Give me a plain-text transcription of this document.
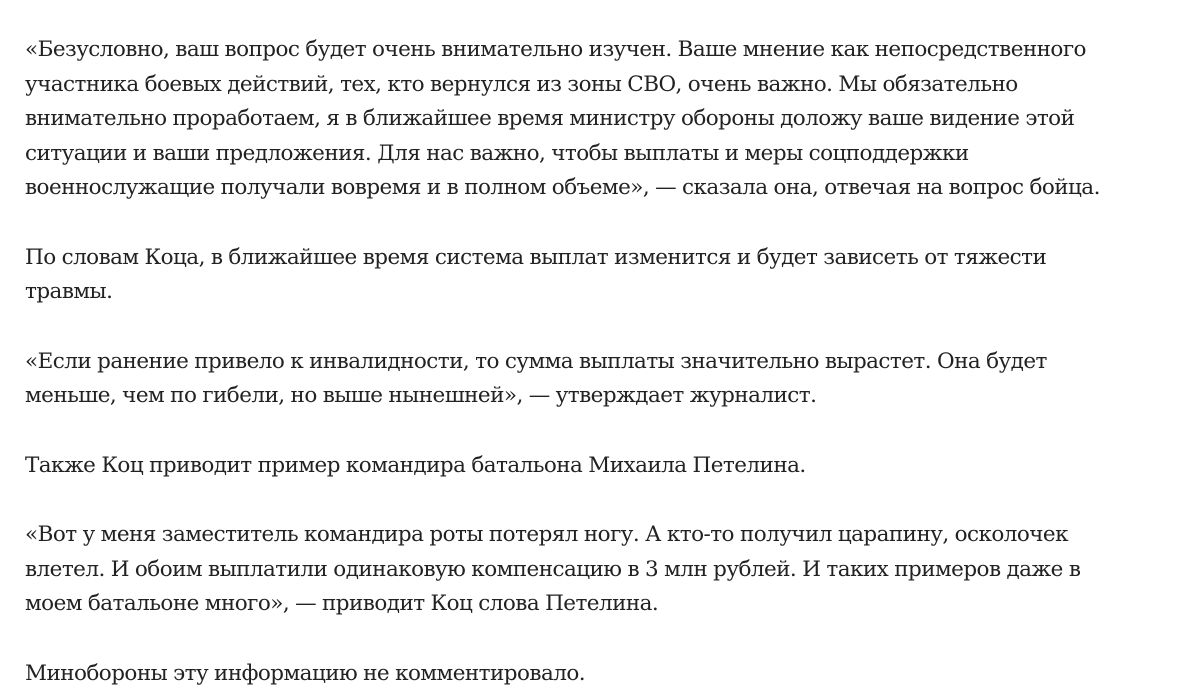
«Безусловно, ваш вопрос будет очень внимательно изучен. Ваше мнение как непосредственного
участника боевых действий, тех, кто вернулся из зоны СВО, очень важно. Мы обязательно
внимательно проработаем, я в ближайшее время министру обороны доложу ваше видение этой
ситуации и ваши предложения. Для нас важно, чтобы выплаты и меры соцподдержки
военнослужащие получали вовремя и в полном объеме», — сказала она, отвечая на вопрос бойца.

По словам Коца, в ближайшее время система выплат изменится и будет зависеть от тяжести
травмы.

«Если ранение привело к инвалидности, то сумма выплаты значительно вырастет. Она будет
меньше, чем по гибели, но выше нынешней», — утверждает журналист.

Также Коц приводит пример командира батальона Михаила Петелина.

«Вот у меня заместитель командира роты потерял ногу. А кто-то получил царапину, осколочек
влетел. И обоим выплатили одинаковую компенсацию в 3 млн рублей. И таких примеров даже в
моем батальоне много», — приводит Коц слова Петелина.

Минобороны эту информацию не комментировало.
